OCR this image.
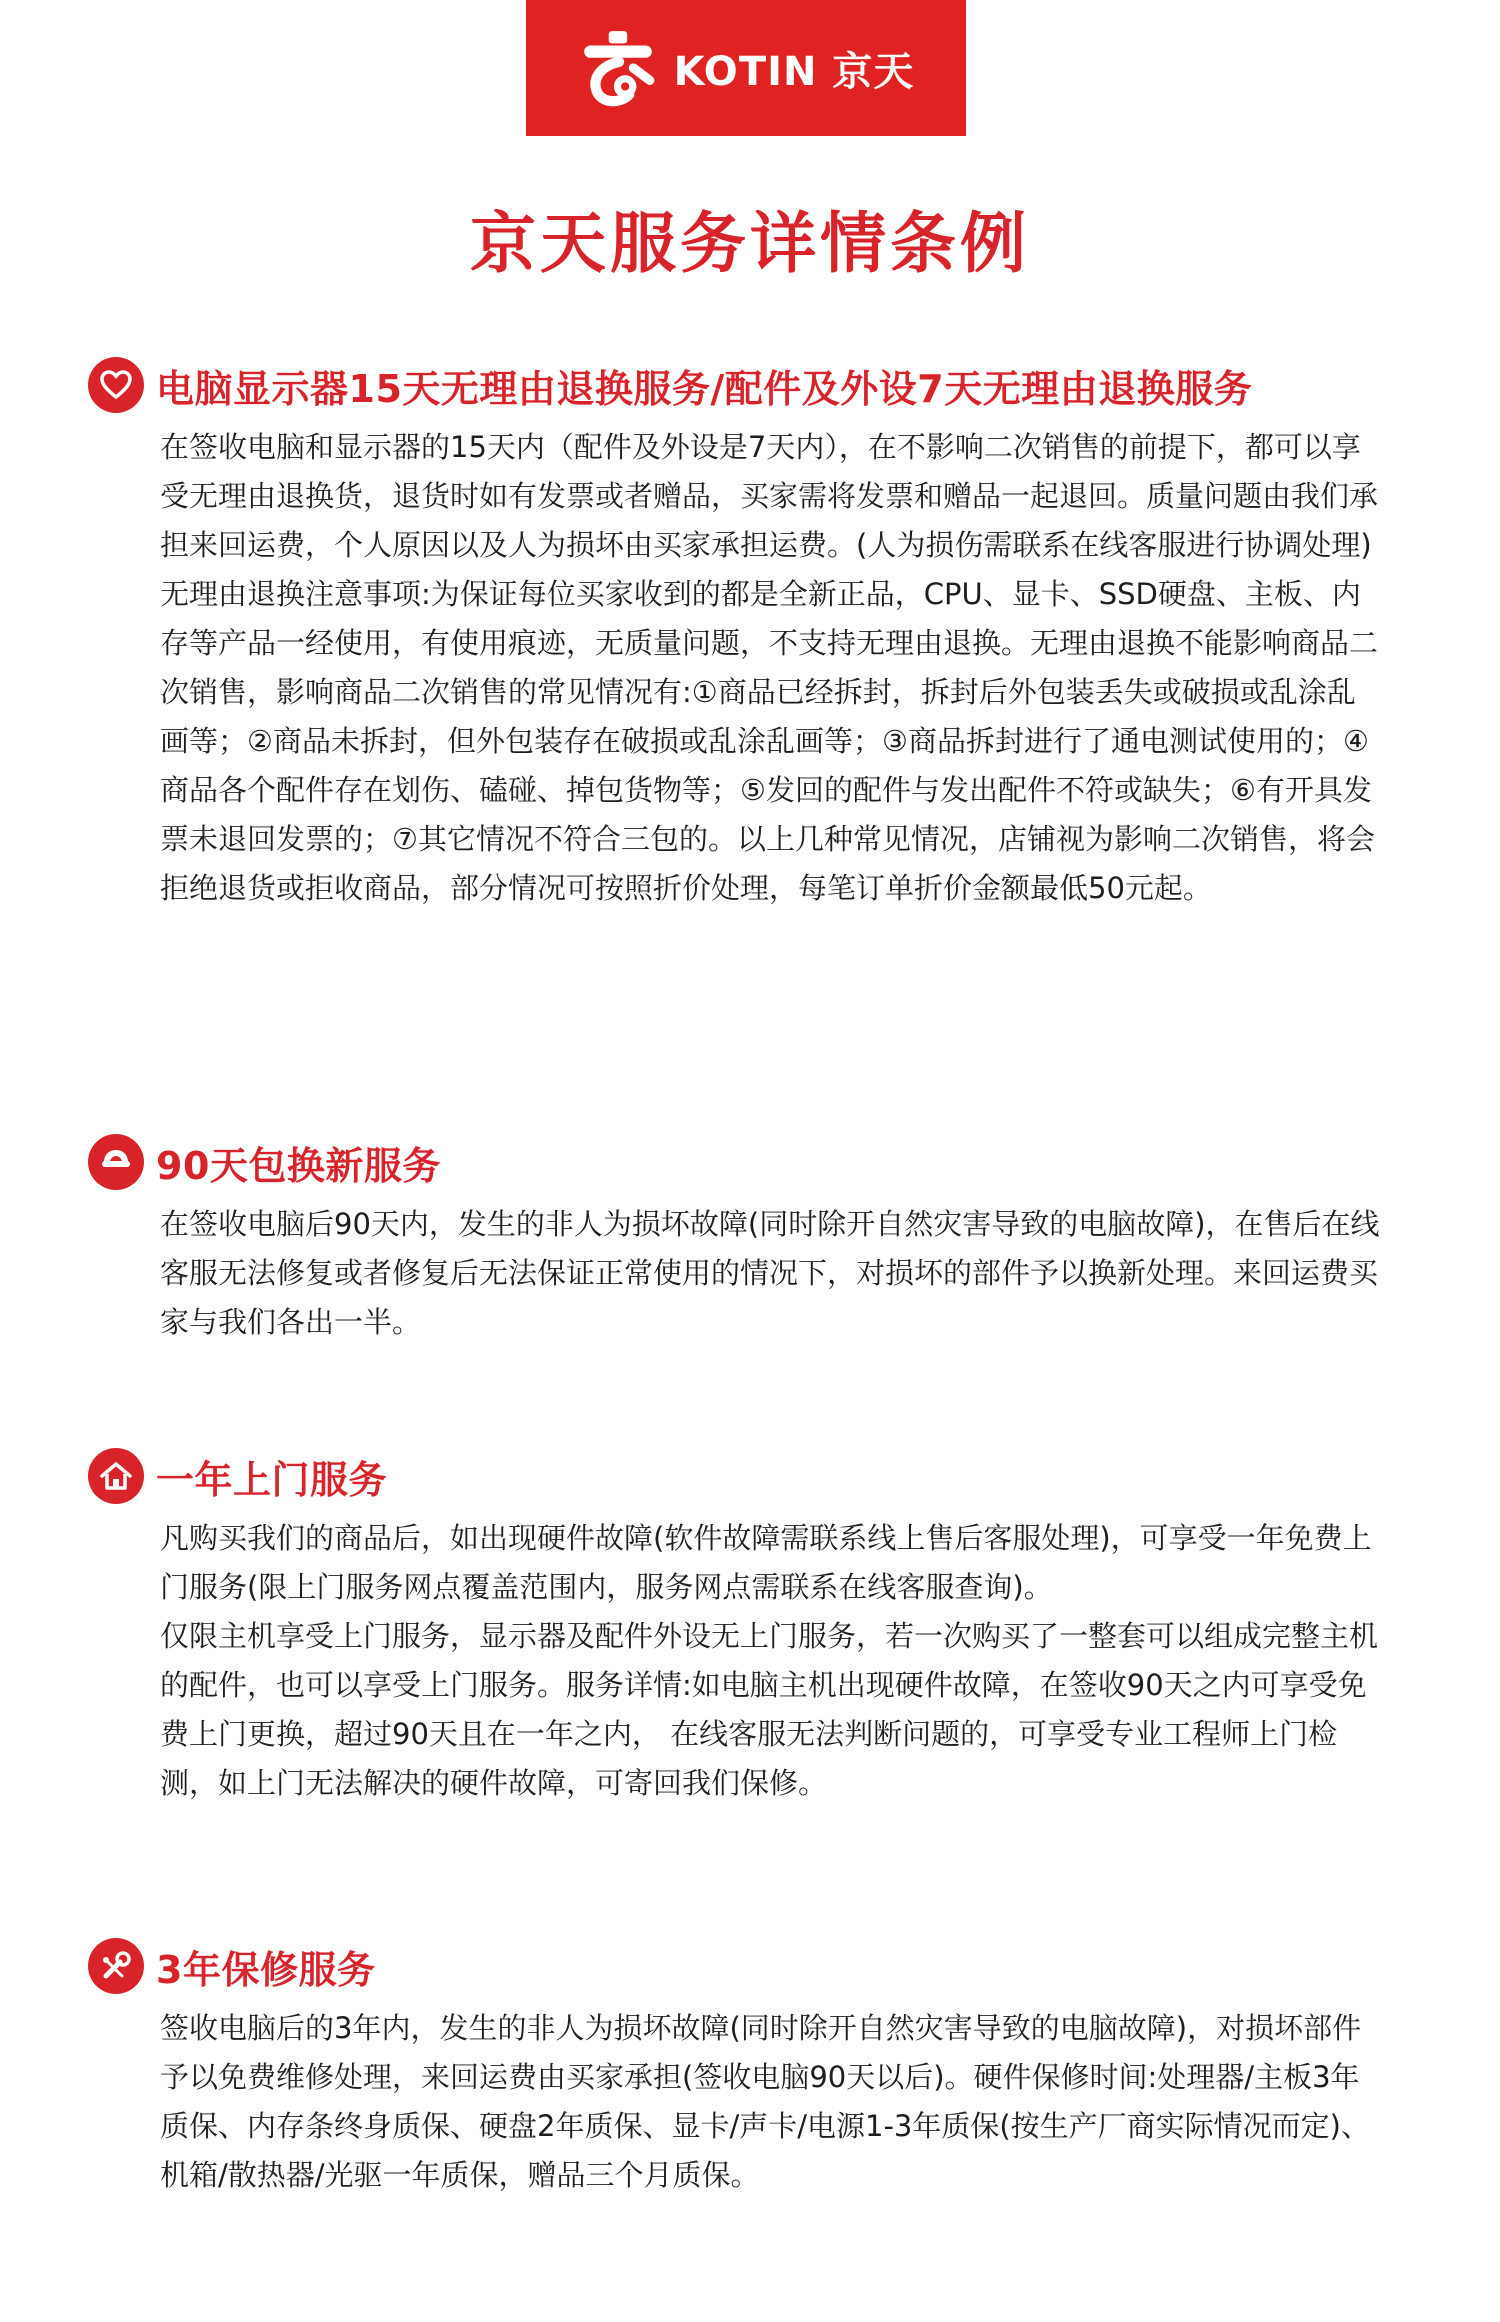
KOTIN 京天
京天服务详情条例
电脑显示器15天无理由退换服务/配件及外设7天无理由退换服务

在签收电脑和显示器的15天内（配件及外设是7天内），在不影响二次销售的前提下，都可以享受无理由退换货，退货时如有发票或者赠品，买家需将发票和赠品一起退回。质量问题由我们承担来回运费，个人原因以及人为损坏由买家承担运费。(人为损伤需联系在线客服进行协调处理)

无理由退换注意事项:为保证每位买家收到的都是全新正品，CPU、显卡、SSD硬盘、主板、内存等产品一经使用，有使用痕迹，无质量问题，不支持无理由退换。无理由退换不能影响商品二次销售，影响商品二次销售的常见情况有:①商品已经拆封，拆封后外包装丢失或破损或乱涂乱画等；②商品未拆封，但外包装存在破损或乱涂乱画等；③商品拆封进行了通电测试使用的；④商品各个配件存在划伤、磕碰、掉包货物等；⑤发回的配件与发出配件不符或缺失；⑥有开具发票未退回发票的；⑦其它情况不符合三包的。以上几种常见情况，店铺视为影响二次销售，将会拒绝退货或拒收商品，部分情况可按照折价处理，每笔订单折价金额最低50元起。

90天包换新服务

在签收电脑后90天内，发生的非人为损坏故障(同时除开自然灾害导致的电脑故障)，在售后在线客服无法修复或者修复后无法保证正常使用的情况下，对损坏的部件予以换新处理。来回运费买家与我们各出一半。

一年上门服务

凡购买我们的商品后，如出现硬件故障(软件故障需联系线上售后客服处理)，可享受一年免费上门服务(限上门服务网点覆盖范围内，服务网点需联系在线客服查询)。

仅限主机享受上门服务，显示器及配件外设无上门服务，若一次购买了一整套可以组成完整主机的配件，也可以享受上门服务。服务详情:如电脑主机出现硬件故障，在签收90天之内可享受免费上门更换，超过90天且在一年之内， 在线客服无法判断问题的，可享受专业工程师上门检测，如上门无法解决的硬件故障，可寄回我们保修。

3年保修服务

签收电脑后的3年内，发生的非人为损坏故障(同时除开自然灾害导致的电脑故障)，对损坏部件予以免费维修处理，来回运费由买家承担(签收电脑90天以后)。硬件保修时间:处理器/主板3年质保、内存条终身质保、硬盘2年质保、显卡/声卡/电源1-3年质保(按生产厂商实际情况而定)、机箱/散热器/光驱一年质保，赠品三个月质保。
